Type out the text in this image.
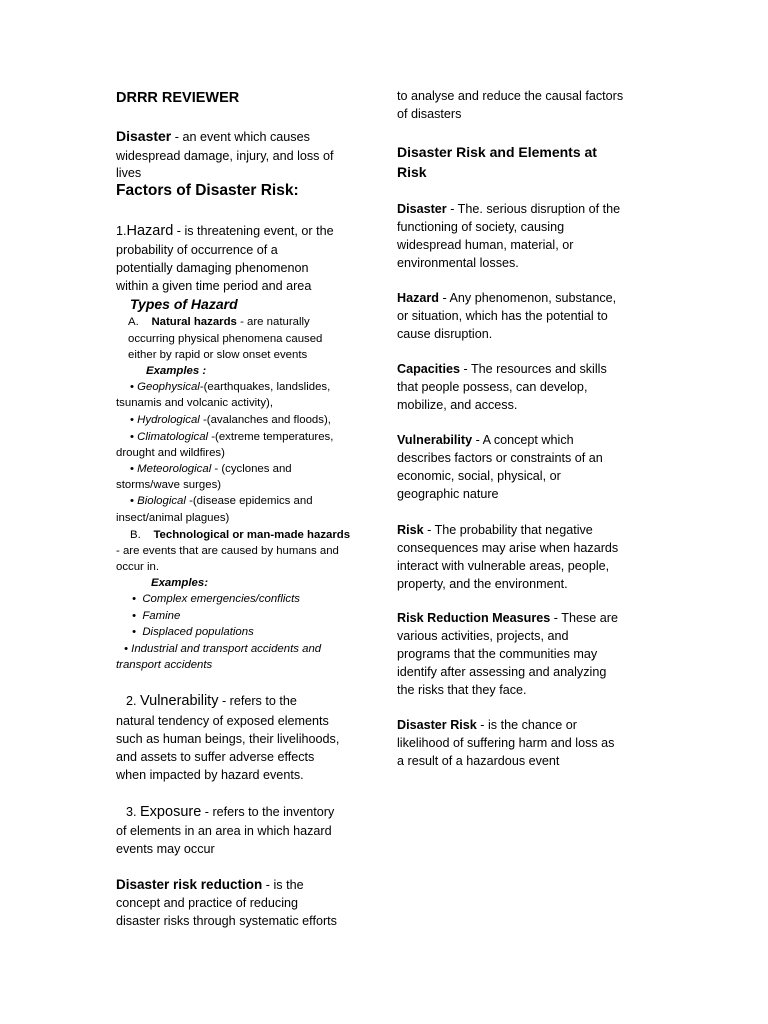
DRRR REVIEWER
Disaster - an event which causes
widespread damage, injury, and loss of
lives
Factors of Disaster Risk:
1.Hazard - is threatening event, or the
probability of occurrence of a
potentially damaging phenomenon
within a given time period and area
Types of Hazard
A. Natural hazards - are naturally
occurring physical phenomena caused
either by rapid or slow onset events
Examples :
• Geophysical-(earthquakes, landslides,
tsunamis and volcanic activity),
• Hydrological -(avalanches and floods),
• Climatological -(extreme temperatures,
drought and wildfires)
• Meteorological - (cyclones and
storms/wave surges)
• Biological -(disease epidemics and
insect/animal plagues)
B. Technological or man-made hazards
- are events that are caused by humans and
occur in.
Examples:
•  Complex emergencies/conflicts
•  Famine
•  Displaced populations
• Industrial and transport accidents and
transport accidents
2. Vulnerability - refers to the
natural tendency of exposed elements
such as human beings, their livelihoods,
and assets to suffer adverse effects
when impacted by hazard events.
3. Exposure - refers to the inventory
of elements in an area in which hazard
events may occur
Disaster risk reduction - is the
concept and practice of reducing
disaster risks through systematic efforts
to analyse and reduce the causal factors
of disasters
Disaster Risk and Elements at
Risk
Disaster - The. serious disruption of the
functioning of society, causing
widespread human, material, or
environmental losses.
Hazard - Any phenomenon, substance,
or situation, which has the potential to
cause disruption.
Capacities - The resources and skills
that people possess, can develop,
mobilize, and access.
Vulnerability - A concept which
describes factors or constraints of an
economic, social, physical, or
geographic nature
Risk - The probability that negative
consequences may arise when hazards
interact with vulnerable areas, people,
property, and the environment.
Risk Reduction Measures - These are
various activities, projects, and
programs that the communities may
identify after assessing and analyzing
the risks that they face.
Disaster Risk - is the chance or
likelihood of suffering harm and loss as
a result of a hazardous event
